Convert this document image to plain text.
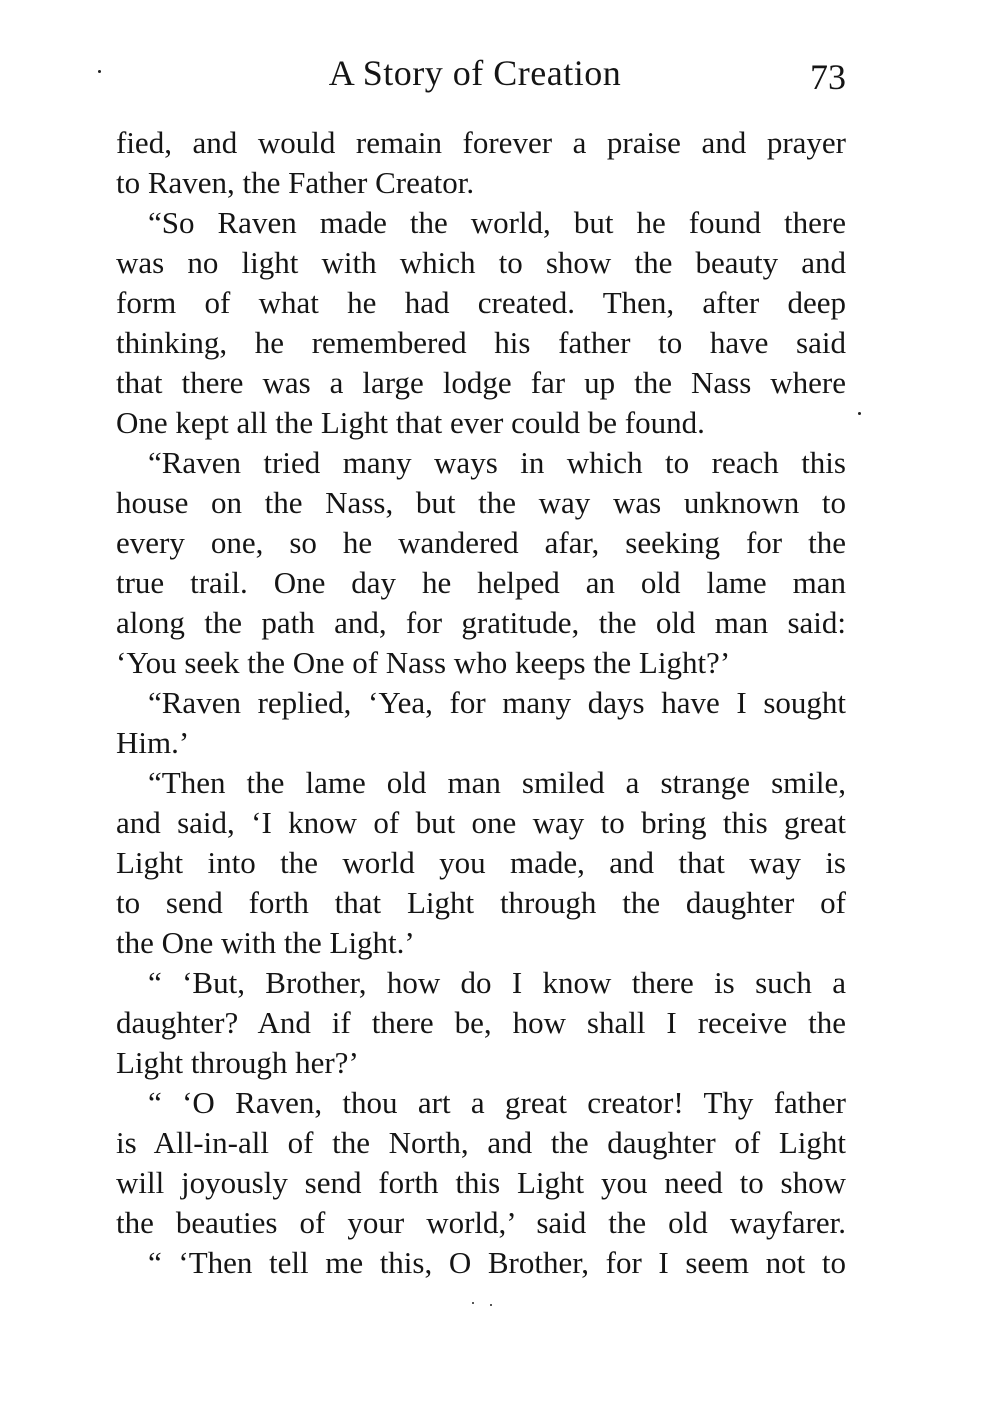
A Story of Creation	73
fied, and would remain forever a praise and prayer
to Raven, the Father Creator.
“So Raven made the world, but he found there
was no light with which to show the beauty and
form of what he had created. Then, after deep
thinking, he remembered his father to have said
that there was a large lodge far up the Nass where
One kept all the Light that ever could be found.
“Raven tried many ways in which to reach this
house on the Nass, but the way was unknown to
every one, so he wandered afar, seeking for the
true trail. One day he helped an old lame man
along the path and, for gratitude, the old man said:
‘You seek the One of Nass who keeps the Light?’
“Raven replied, ‘Yea, for many days have I sought
Him.’
“Then the lame old man smiled a strange smile,
and said, ‘I know of but one way to bring this great
Light into the world you made, and that way is
to send forth that Light through the daughter of
the One with the Light.’
“ ‘But, Brother, how do I know there is such a
daughter? And if there be, how shall I receive the
Light through her?’
“ ‘O Raven, thou art a great creator! Thy father
is All-in-all of the North, and the daughter of Light
will joyously send forth this Light you need to show
the beauties of your world,’ said the old wayfarer.
“ ‘Then tell me this, O Brother, for I seem not to
